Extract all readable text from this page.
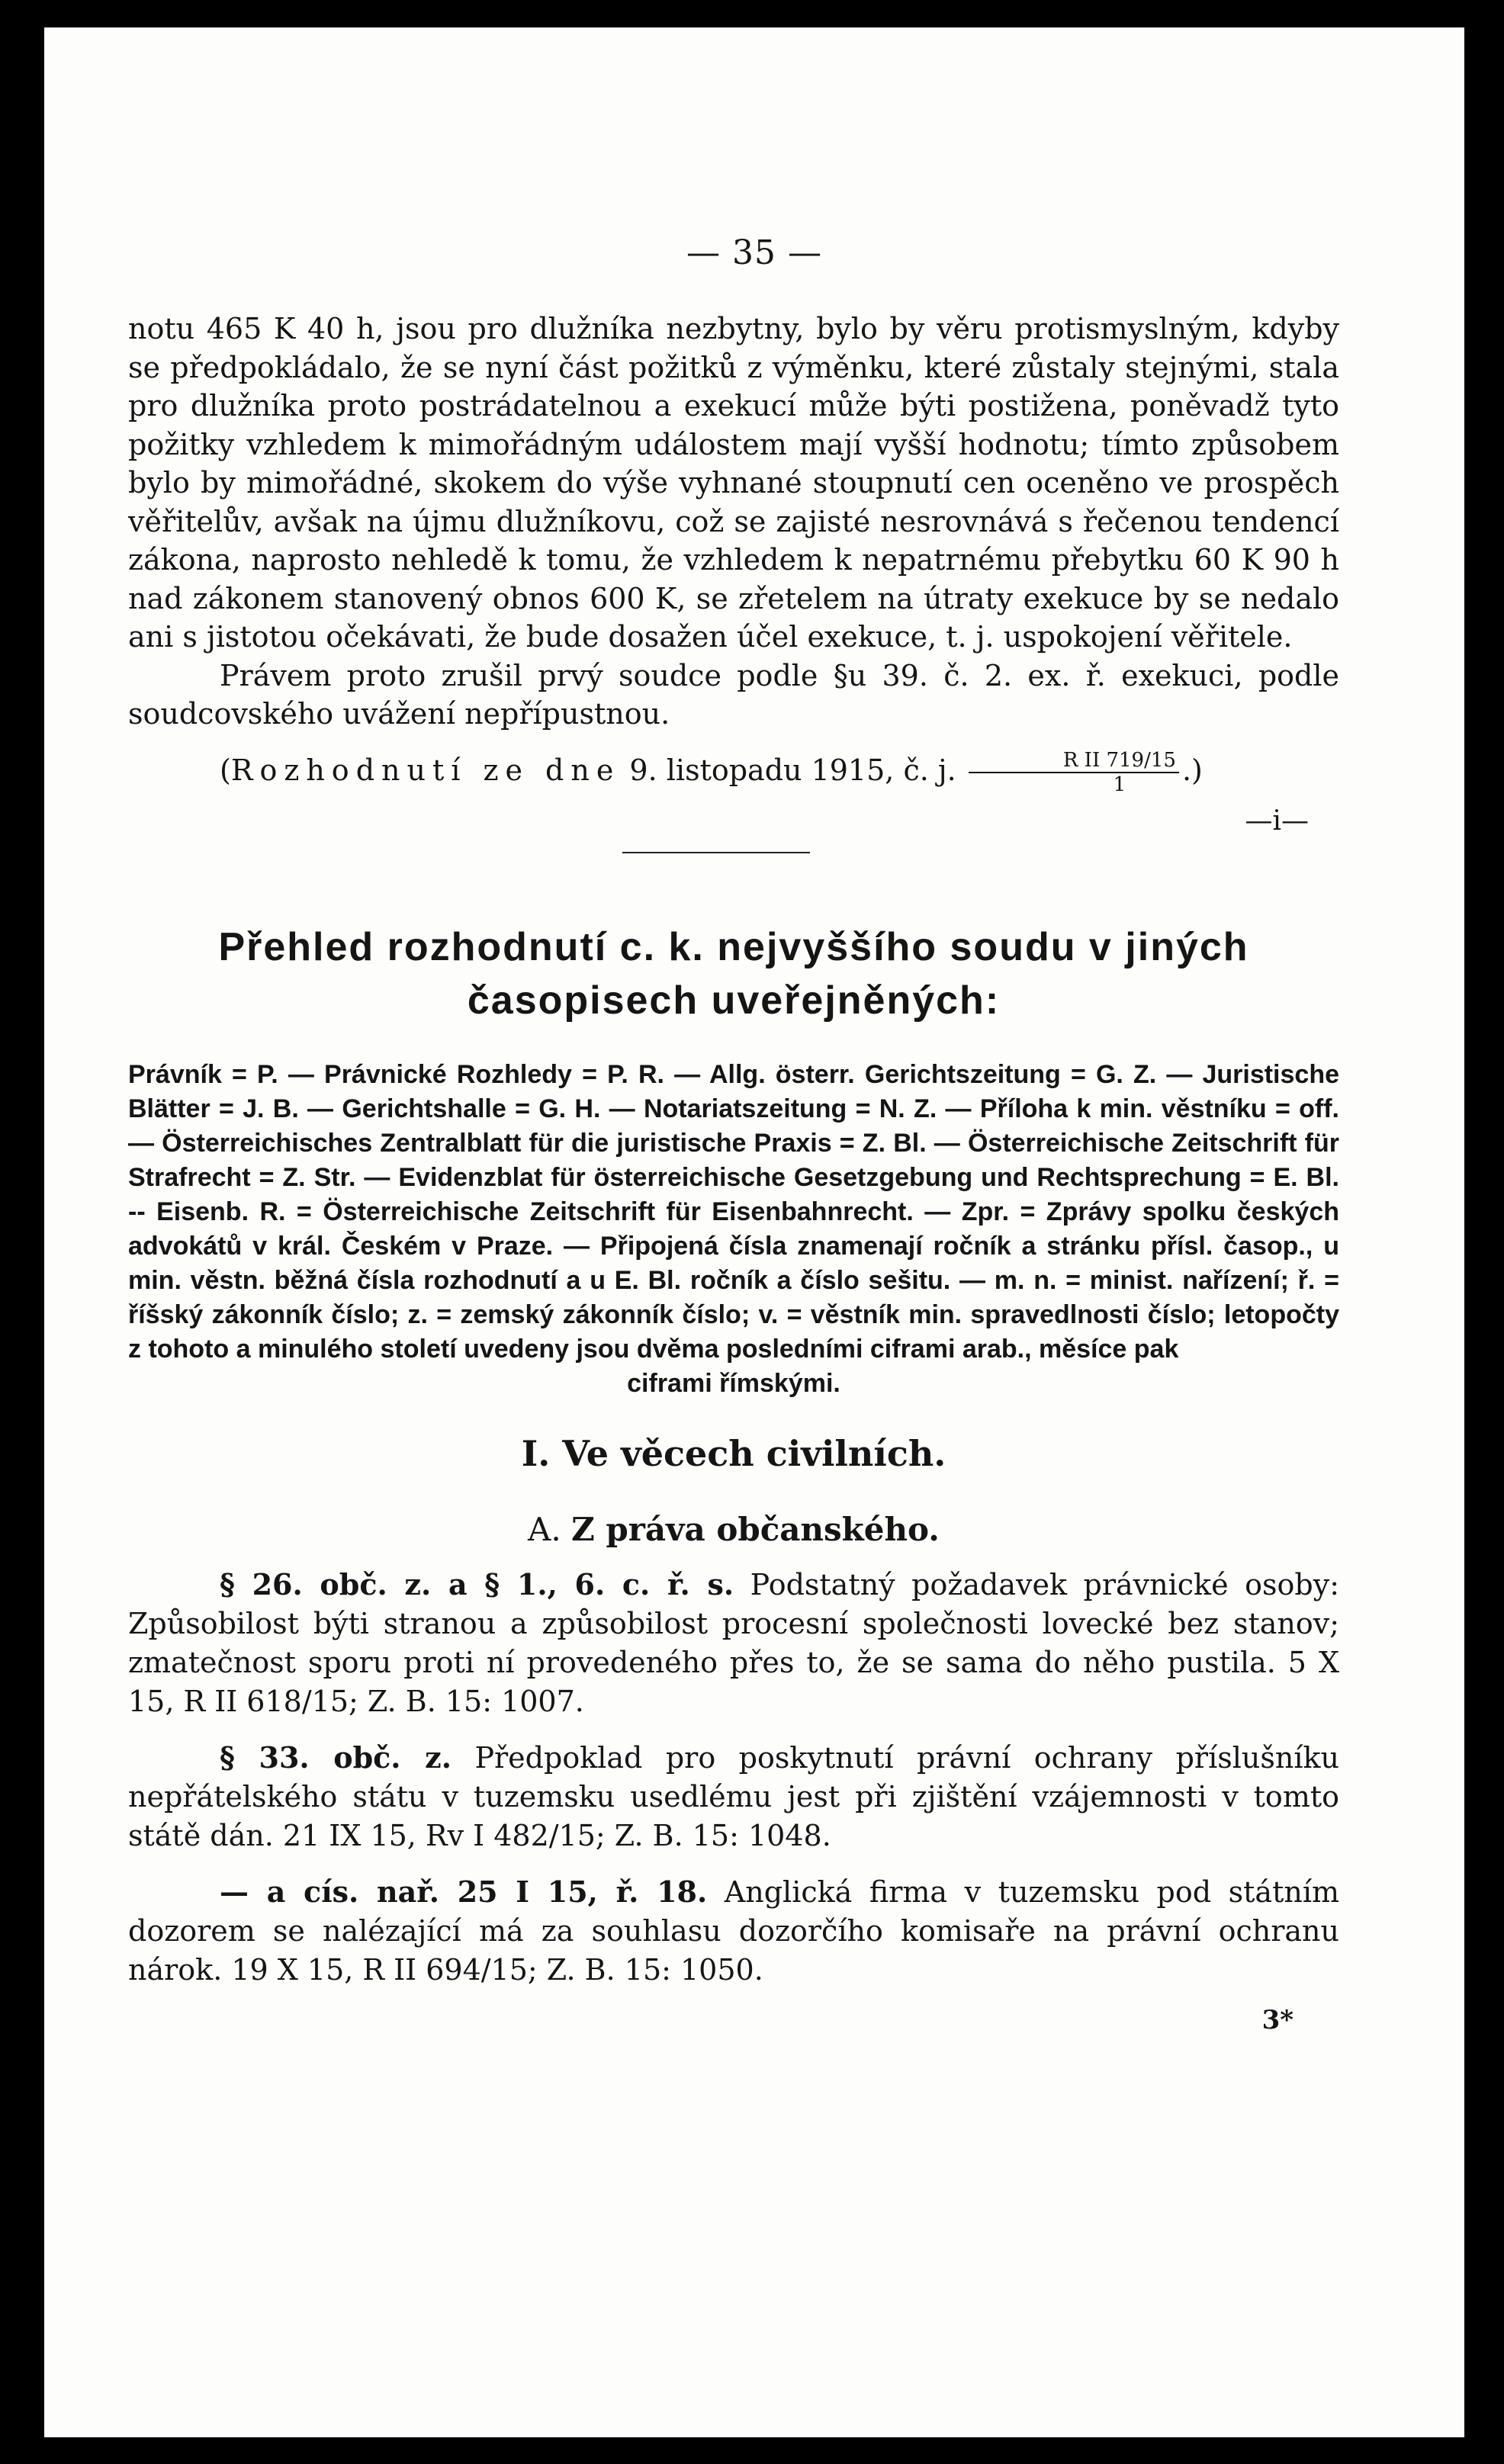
— 35 —

notu 465 K 40 h, jsou pro dlužníka nezbytny, bylo by věru protismyslným, kdyby se předpokládalo, že se nyní část požitků z výměnku, které zůstaly stejnými, stala pro dlužníka proto postrádatelnou a exekucí může býti postižena, poněvadž tyto požitky vzhledem k mimořádným událostem mají vyšší hodnotu; tímto způsobem bylo by mimořádné, skokem do výše vyhnané stoupnutí cen oceněno ve prospěch věřitelův, avšak na újmu dlužníkovu, což se zajisté nesrovnává s řečenou tendencí zákona, naprosto nehledě k tomu, že vzhledem k nepatrnému přebytku 60 K 90 h nad zákonem stanovený obnos 600 K, se zřetelem na útraty exekuce by se nedalo ani s jistotou očekávati, že bude dosažen účel exekuce, t. j. uspokojení věřitele.

Právem proto zrušil prvý soudce podle §u 39. č. 2. ex. ř. exekuci, podle soudcovského uvážení nepřípustnou.

(Rozhodnutí ze dne 9. listopadu 1915, č. j. $\frac{\text{R II 719/15}}{1}$ .)

—i—
Přehled rozhodnutí c. k. nejvyššího soudu v jiných
časopisech uveřejněných:

Právník = P. — Právnické Rozhledy = P. R. — Allg. österr. Gerichtszeitung = G. Z. — Juristische Blätter = J. B. — Gerichtshalle = G. H. — Notariatszeitung = N. Z. — Příloha k min. věstníku = off. — Österreichisches Zentralblatt für die juristische Praxis = Z. Bl. — Österreichische Zeitschrift für Strafrecht = Z. Str. — Evidenzblat für österreichische Gesetzgebung und Rechtsprechung = E. Bl. -- Eisenb. R. = Österreichische Zeitschrift für Eisenbahnrecht. — Zpr. = Zprávy spolku českých advokátů v král. Českém v Praze. — Připojená čísla znamenají ročník a stránku přísl. časop., u min. věstn. běžná čísla rozhodnutí a u E. Bl. ročník a číslo sešitu. — m. n. = minist. nařízení; ř. = říšský zákonník číslo; z. = zemský zákonník číslo; v. = věstník min. spravedlnosti číslo; letopočty z tohoto a minulého století uvedeny jsou dvěma posledními ciframi arab., měsíce pak
ciframi římskými.

I. Ve věcech civilních.
A. Z práva občanského.

§ 26. obč. z. a § 1., 6. c. ř. s. Podstatný požadavek právnické osoby: Způsobilost býti stranou a způsobilost procesní společnosti lovecké bez stanov; zmatečnost sporu proti ní provedeného přes to, že se sama do něho pustila. 5 X 15, R II 618/15; Z. B. 15: 1007.

§ 33. obč. z. Předpoklad pro poskytnutí právní ochrany příslušníku nepřátelského státu v tuzemsku usedlému jest při zjištění vzájemnosti v tomto státě dán. 21 IX 15, Rv I 482/15; Z. B. 15: 1048.

— a cís. nař. 25 I 15, ř. 18. Anglická firma v tuzemsku pod státním dozorem se nalézající má za souhlasu dozorčího komisaře na právní ochranu nárok. 19 X 15, R II 694/15; Z. B. 15: 1050.

3*
